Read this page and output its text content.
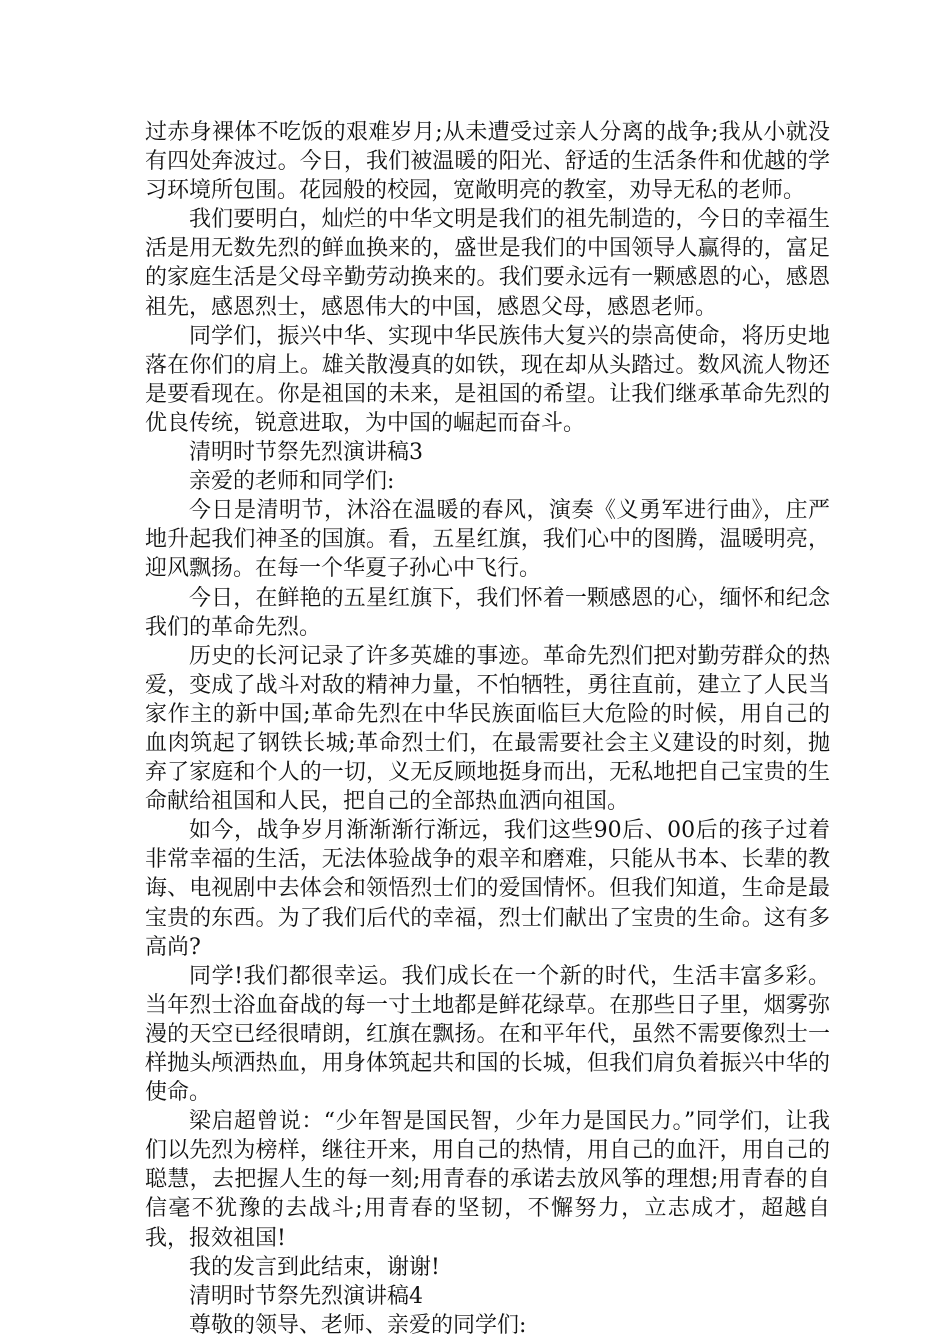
过赤身裸体不吃饭的艰难岁月;从未遭受过亲人分离的战争;我从小就没有四处奔波过。今日，我们被温暖的阳光、舒适的生活条件和优越的学习环境所包围。花园般的校园，宽敞明亮的教室，劝导无私的老师。

我们要明白，灿烂的中华文明是我们的祖先制造的，今日的幸福生活是用无数先烈的鲜血换来的，盛世是我们的中国领导人赢得的，富足的家庭生活是父母辛勤劳动换来的。我们要永远有一颗感恩的心，感恩祖先，感恩烈士，感恩伟大的中国，感恩父母，感恩老师。

同学们，振兴中华、实现中华民族伟大复兴的崇高使命，将历史地落在你们的肩上。雄关散漫真的如铁，现在却从头踏过。数风流人物还是要看现在。你是祖国的未来，是祖国的希望。让我们继承革命先烈的优良传统，锐意进取，为中国的崛起而奋斗。

清明时节祭先烈演讲稿3

亲爱的老师和同学们:

今日是清明节，沐浴在温暖的春风，演奏《义勇军进行曲》，庄严地升起我们神圣的国旗。看，五星红旗，我们心中的图腾，温暖明亮，迎风飘扬。在每一个华夏子孙心中飞行。

今日，在鲜艳的五星红旗下，我们怀着一颗感恩的心，缅怀和纪念我们的革命先烈。

历史的长河记录了许多英雄的事迹。革命先烈们把对勤劳群众的热爱，变成了战斗对敌的精神力量，不怕牺牲，勇往直前，建立了人民当家作主的新中国;革命先烈在中华民族面临巨大危险的时候，用自己的血肉筑起了钢铁长城;革命烈士们，在最需要社会主义建设的时刻，抛弃了家庭和个人的一切，义无反顾地挺身而出，无私地把自己宝贵的生命献给祖国和人民，把自己的全部热血洒向祖国。

如今，战争岁月渐渐渐行渐远，我们这些90后、00后的孩子过着非常幸福的生活，无法体验战争的艰辛和磨难，只能从书本、长辈的教诲、电视剧中去体会和领悟烈士们的爱国情怀。但我们知道，生命是最宝贵的东西。为了我们后代的幸福，烈士们献出了宝贵的生命。这有多高尚?

同学!我们都很幸运。我们成长在一个新的时代，生活丰富多彩。当年烈士浴血奋战的每一寸土地都是鲜花绿草。在那些日子里，烟雾弥漫的天空已经很晴朗，红旗在飘扬。在和平年代，虽然不需要像烈士一样抛头颅洒热血，用身体筑起共和国的长城，但我们肩负着振兴中华的使命。

梁启超曾说：“少年智是国民智，少年力是国民力。”同学们，让我们以先烈为榜样，继往开来，用自己的热情，用自己的血汗，用自己的聪慧，去把握人生的每一刻;用青春的承诺去放风筝的理想;用青春的自信毫不犹豫的去战斗;用青春的坚韧，不懈努力，立志成才，超越自我，报效祖国!

我的发言到此结束，谢谢!

清明时节祭先烈演讲稿4

尊敬的领导、老师、亲爱的同学们:
